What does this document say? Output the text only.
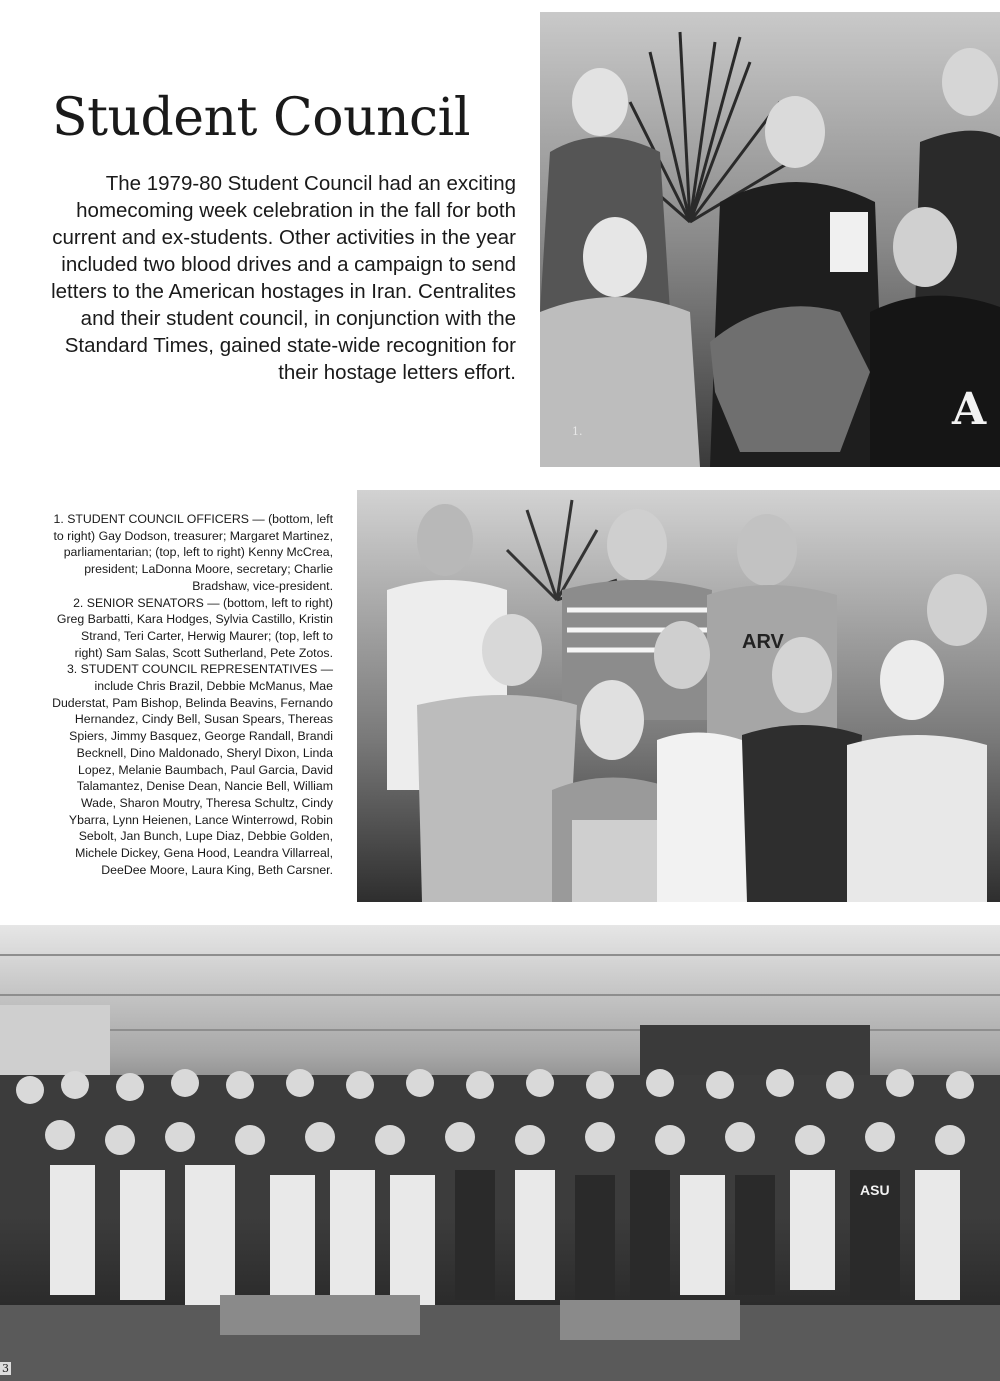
Student Council
The 1979-80 Student Council had an exciting
homecoming week celebration in the fall for both
current and ex-students. Other activities in the year
included two blood drives and a campaign to send
letters to the American hostages in Iran. Centralites
and their student council, in conjunction with the
Standard Times, gained state-wide recognition for
their hostage letters effort.
A
1.
1. STUDENT COUNCIL OFFICERS — (bottom, left
to right) Gay Dodson, treasurer; Margaret Martinez,
parliamentarian; (top, left to right) Kenny McCrea,
president; LaDonna Moore, secretary; Charlie
Bradshaw, vice-president.
2. SENIOR SENATORS — (bottom, left to right)
Greg Barbatti, Kara Hodges, Sylvia Castillo, Kristin
Strand, Teri Carter, Herwig Maurer; (top, left to
right) Sam Salas, Scott Sutherland, Pete Zotos.
3. STUDENT COUNCIL REPRESENTATIVES —
include Chris Brazil, Debbie McManus, Mae
Duderstat, Pam Bishop, Belinda Beavins, Fernando
Hernandez, Cindy Bell, Susan Spears, Thereas
Spiers, Jimmy Basquez, George Randall, Brandi
Becknell, Dino Maldonado, Sheryl Dixon, Linda
Lopez, Melanie Baumbach, Paul Garcia, David
Talamantez, Denise Dean, Nancie Bell, William
Wade, Sharon Moutry, Theresa Schultz, Cindy
Ybarra, Lynn Heienen, Lance Winterrowd, Robin
Sebolt, Jan Bunch, Lupe Diaz, Debbie Golden,
Michele Dickey, Gena Hood, Leandra Villarreal,
DeeDee Moore, Laura King, Beth Carsner.
ARV
ASU
3
